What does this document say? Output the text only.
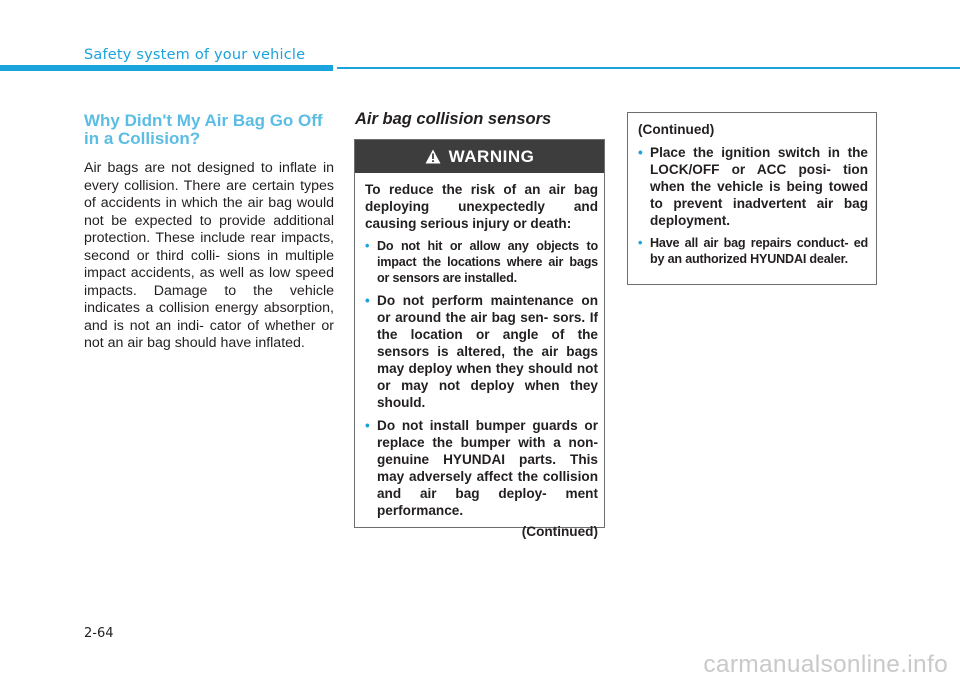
Safety system of your vehicle
Why Didn't My Air Bag Go Off in a Collision?

Air bags are not designed to inflate in every collision. There are certain types of accidents in which the air bag would not be expected to provide additional protection. These include rear impacts, second or third colli- sions in multiple impact accidents, as well as low speed impacts. Damage to the vehicle indicates a collision energy absorption, and is not an indi- cator of whether or not an air bag should have inflated.

Air bag collision sensors
WARNING

To reduce the risk of an air bag deploying unexpectedly and causing serious injury or death:

• Do not hit or allow any objects to impact the locations where air bags or sensors are installed.
• Do not perform maintenance on or around the air bag sen- sors. If the location or angle of the sensors is altered, the air bags may deploy when they should not or may not deploy when they should.
• Do not install bumper guards or replace the bumper with a non-genuine HYUNDAI parts. This may adversely affect the collision and air bag deploy- ment performance.

(Continued)

(Continued)

• Place the ignition switch in the LOCK/OFF or ACC posi- tion when the vehicle is being towed to prevent inadvertent air bag deployment.
• Have all air bag repairs conduct- ed by an authorized HYUNDAI dealer.

2-64

carmanualsonline.info
